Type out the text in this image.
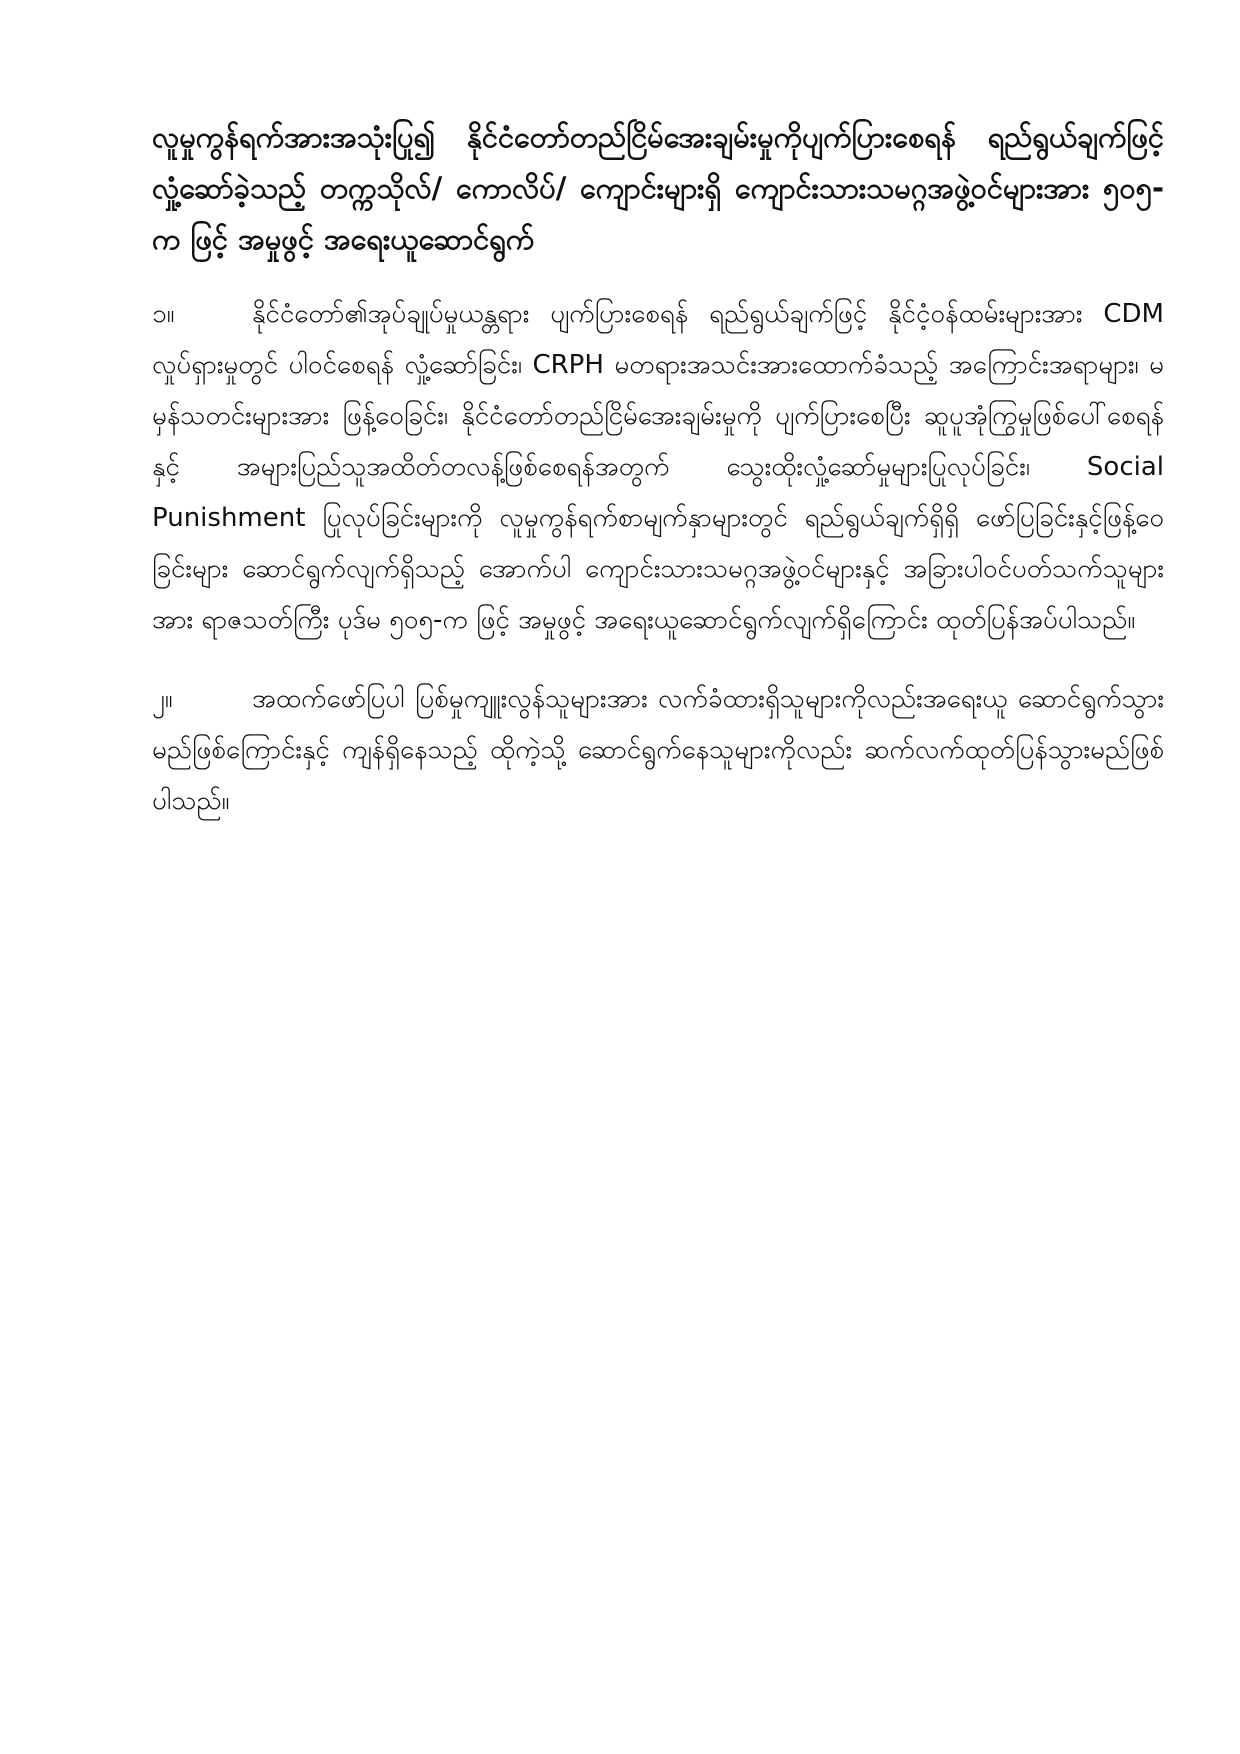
လူမှုကွန်ရက်အားအသုံးပြု၍ နိုင်ငံတော်တည်ငြိမ်အေးချမ်းမှုကိုပျက်ပြားစေရန် ရည်ရွယ်ချက်ဖြင့် လှုံ့ဆော်ခဲ့သည့် တက္ကသိုလ်/ ကောလိပ်/ ကျောင်းများရှိ ကျောင်းသားသမဂ္ဂအဖွဲ့ဝင်များအား ၅၀၅-က ဖြင့် အမှုဖွင့် အရေးယူဆောင်ရွက်

၁။	နိုင်ငံတော်၏အုပ်ချုပ်မှုယန္တရား ပျက်ပြားစေရန် ရည်ရွယ်ချက်ဖြင့် နိုင်ငံ့ဝန်ထမ်းများအား CDM လှုပ်ရှားမှုတွင် ပါဝင်စေရန် လှုံ့ဆော်ခြင်း၊ CRPH မတရားအသင်းအားထောက်ခံသည့် အကြောင်းအရာများ၊ မမှန်သတင်းများအား ဖြန့်ဝေခြင်း၊ နိုင်ငံတော်တည်ငြိမ်အေးချမ်းမှုကို ပျက်ပြားစေပြီး ဆူပူအုံကြွမှုဖြစ်ပေါ်စေရန်နှင့် အများပြည်သူအထိတ်တလန့်ဖြစ်စေရန်အတွက် သွေးထိုးလှုံ့ဆော်မှုများပြုလုပ်ခြင်း၊ Social Punishment ပြုလုပ်ခြင်းများကို လူမှုကွန်ရက်စာမျက်နှာများတွင် ရည်ရွယ်ချက်ရှိရှိ ဖော်ပြခြင်းနှင့်ဖြန့်ဝေခြင်းများ ဆောင်ရွက်လျက်ရှိသည့် အောက်ပါ ကျောင်းသားသမဂ္ဂအဖွဲ့ဝင်များနှင့် အခြားပါဝင်ပတ်သက်သူများအား ရာဇသတ်ကြီး ပုဒ်မ ၅၀၅-က ဖြင့် အမှုဖွင့် အရေးယူဆောင်ရွက်လျက်ရှိကြောင်း ထုတ်ပြန်အပ်ပါသည်။

၂။	အထက်ဖော်ပြပါ ပြစ်မှုကျူးလွန်သူများအား လက်ခံထားရှိသူများကိုလည်းအရေးယူ ဆောင်ရွက်သွားမည်ဖြစ်ကြောင်းနှင့် ကျန်ရှိနေသည့် ထိုကဲ့သို့ ဆောင်ရွက်နေသူများကိုလည်း ဆက်လက်ထုတ်ပြန်သွားမည်ဖြစ်ပါသည်။
